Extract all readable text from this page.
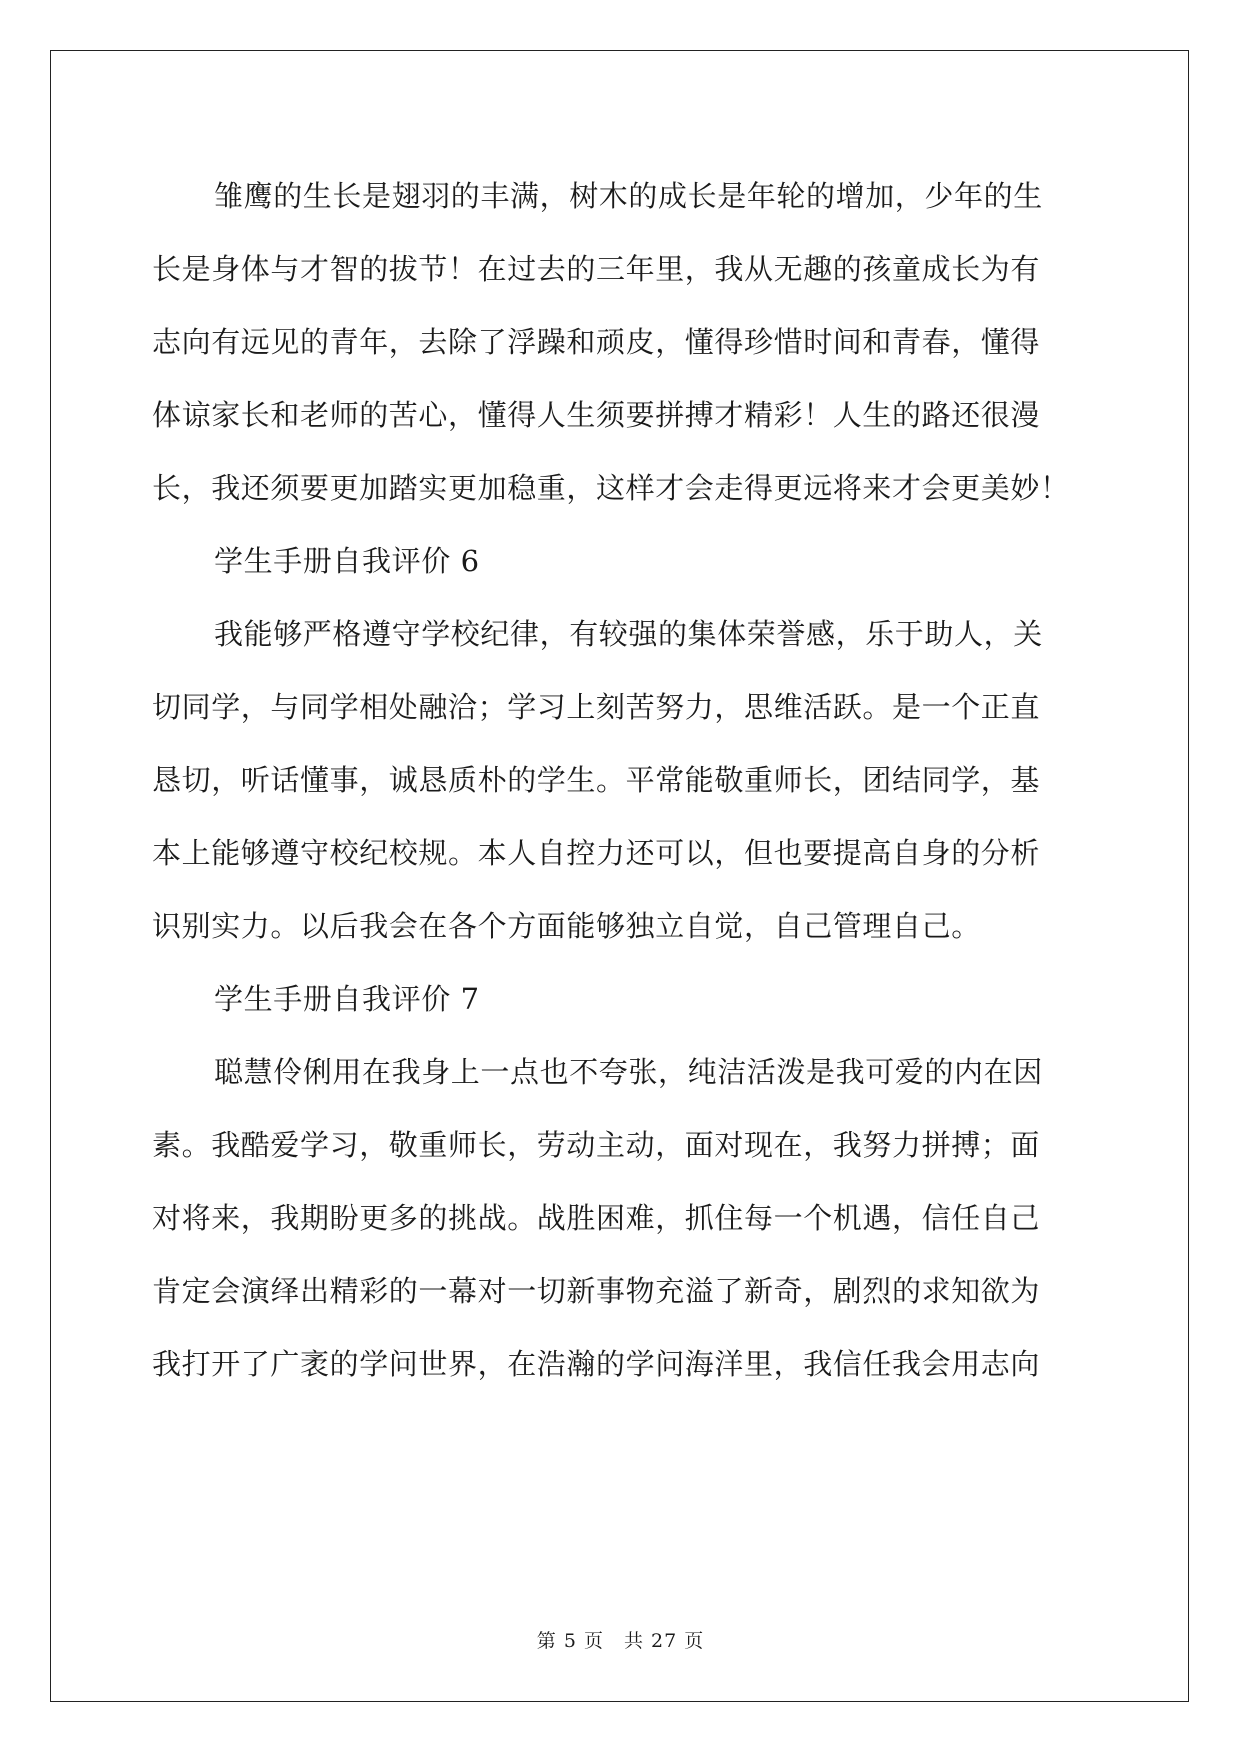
雏鹰的生长是翅羽的丰满，树木的成长是年轮的增加，少年的生
长是身体与才智的拔节！在过去的三年里，我从无趣的孩童成长为有
志向有远见的青年，去除了浮躁和顽皮，懂得珍惜时间和青春，懂得
体谅家长和老师的苦心，懂得人生须要拼搏才精彩！人生的路还很漫
长，我还须要更加踏实更加稳重，这样才会走得更远将来才会更美妙！
学生手册自我评价 6
我能够严格遵守学校纪律，有较强的集体荣誉感，乐于助人，关
切同学，与同学相处融洽；学习上刻苦努力，思维活跃。是一个正直
恳切，听话懂事，诚恳质朴的学生。平常能敬重师长，团结同学，基
本上能够遵守校纪校规。本人自控力还可以，但也要提高自身的分析
识别实力。以后我会在各个方面能够独立自觉，自己管理自己。
学生手册自我评价 7
聪慧伶俐用在我身上一点也不夸张，纯洁活泼是我可爱的内在因
素。我酷爱学习，敬重师长，劳动主动，面对现在，我努力拼搏；面
对将来，我期盼更多的挑战。战胜困难，抓住每一个机遇，信任自己
肯定会演绎出精彩的一幕对一切新事物充溢了新奇，剧烈的求知欲为
我打开了广袤的学问世界，在浩瀚的学问海洋里，我信任我会用志向
第 5 页 共 27 页
